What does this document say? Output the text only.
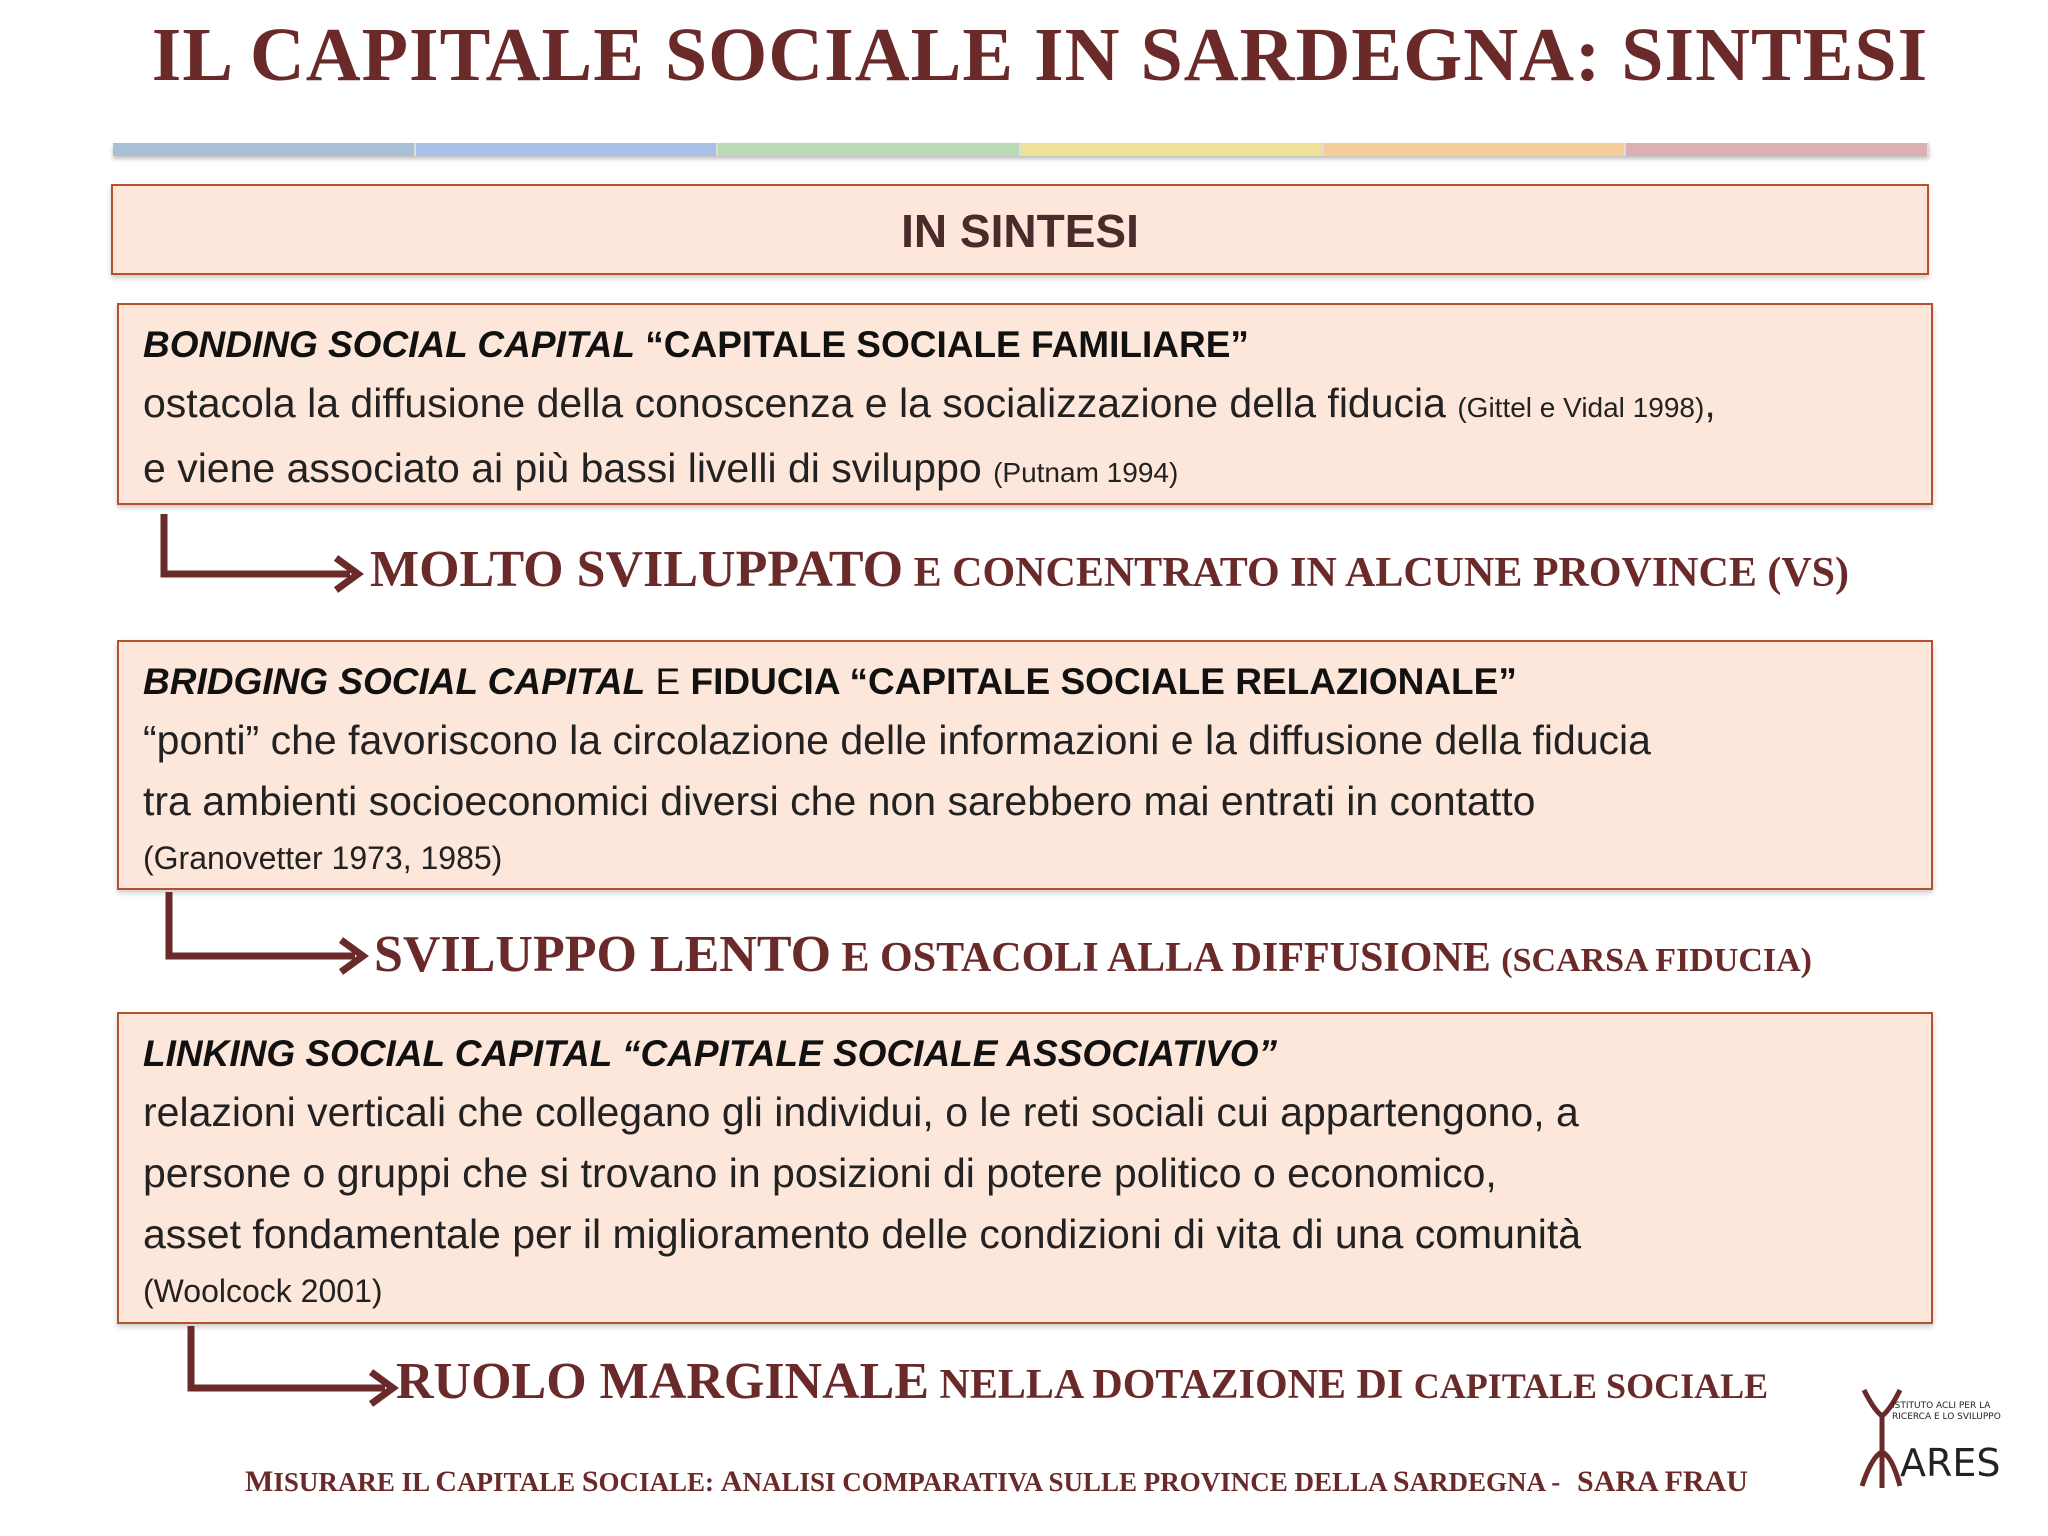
IL CAPITALE SOCIALE IN SARDEGNA: SINTESI
IN SINTESI
BONDING SOCIAL CAPITAL “CAPITALE SOCIALE FAMILIARE”
ostacola la diffusione della conoscenza e la socializzazione della fiducia (Gittel e Vidal 1998),
e viene associato ai più bassi livelli di sviluppo (Putnam 1994)
MOLTO SVILUPPATO E CONCENTRATO IN ALCUNE PROVINCE (VS)
BRIDGING SOCIAL CAPITAL E FIDUCIA “CAPITALE SOCIALE RELAZIONALE”
“ponti” che favoriscono la circolazione delle informazioni e la diffusione della fiducia
tra ambienti socioeconomici diversi che non sarebbero mai entrati in contatto
(Granovetter 1973, 1985)
SVILUPPO LENTO E OSTACOLI ALLA DIFFUSIONE (SCARSA FIDUCIA)
LINKING SOCIAL CAPITAL “CAPITALE SOCIALE ASSOCIATIVO”
relazioni verticali che collegano gli individui, o le reti sociali cui appartengono, a
persone o gruppi che si trovano in posizioni di potere politico o economico,
asset fondamentale per il miglioramento delle condizioni di vita di una comunità
(Woolcock 2001)
RUOLO MARGINALE NELLA DOTAZIONE DI CAPITALE SOCIALE
MISURARE IL CAPITALE SOCIALE: ANALISI COMPARATIVA SULLE PROVINCE DELLA SARDEGNA - SARA FRAU
ISTITUTO ACLI PER LA
RICERCA E LO SVILUPPO
ARES
